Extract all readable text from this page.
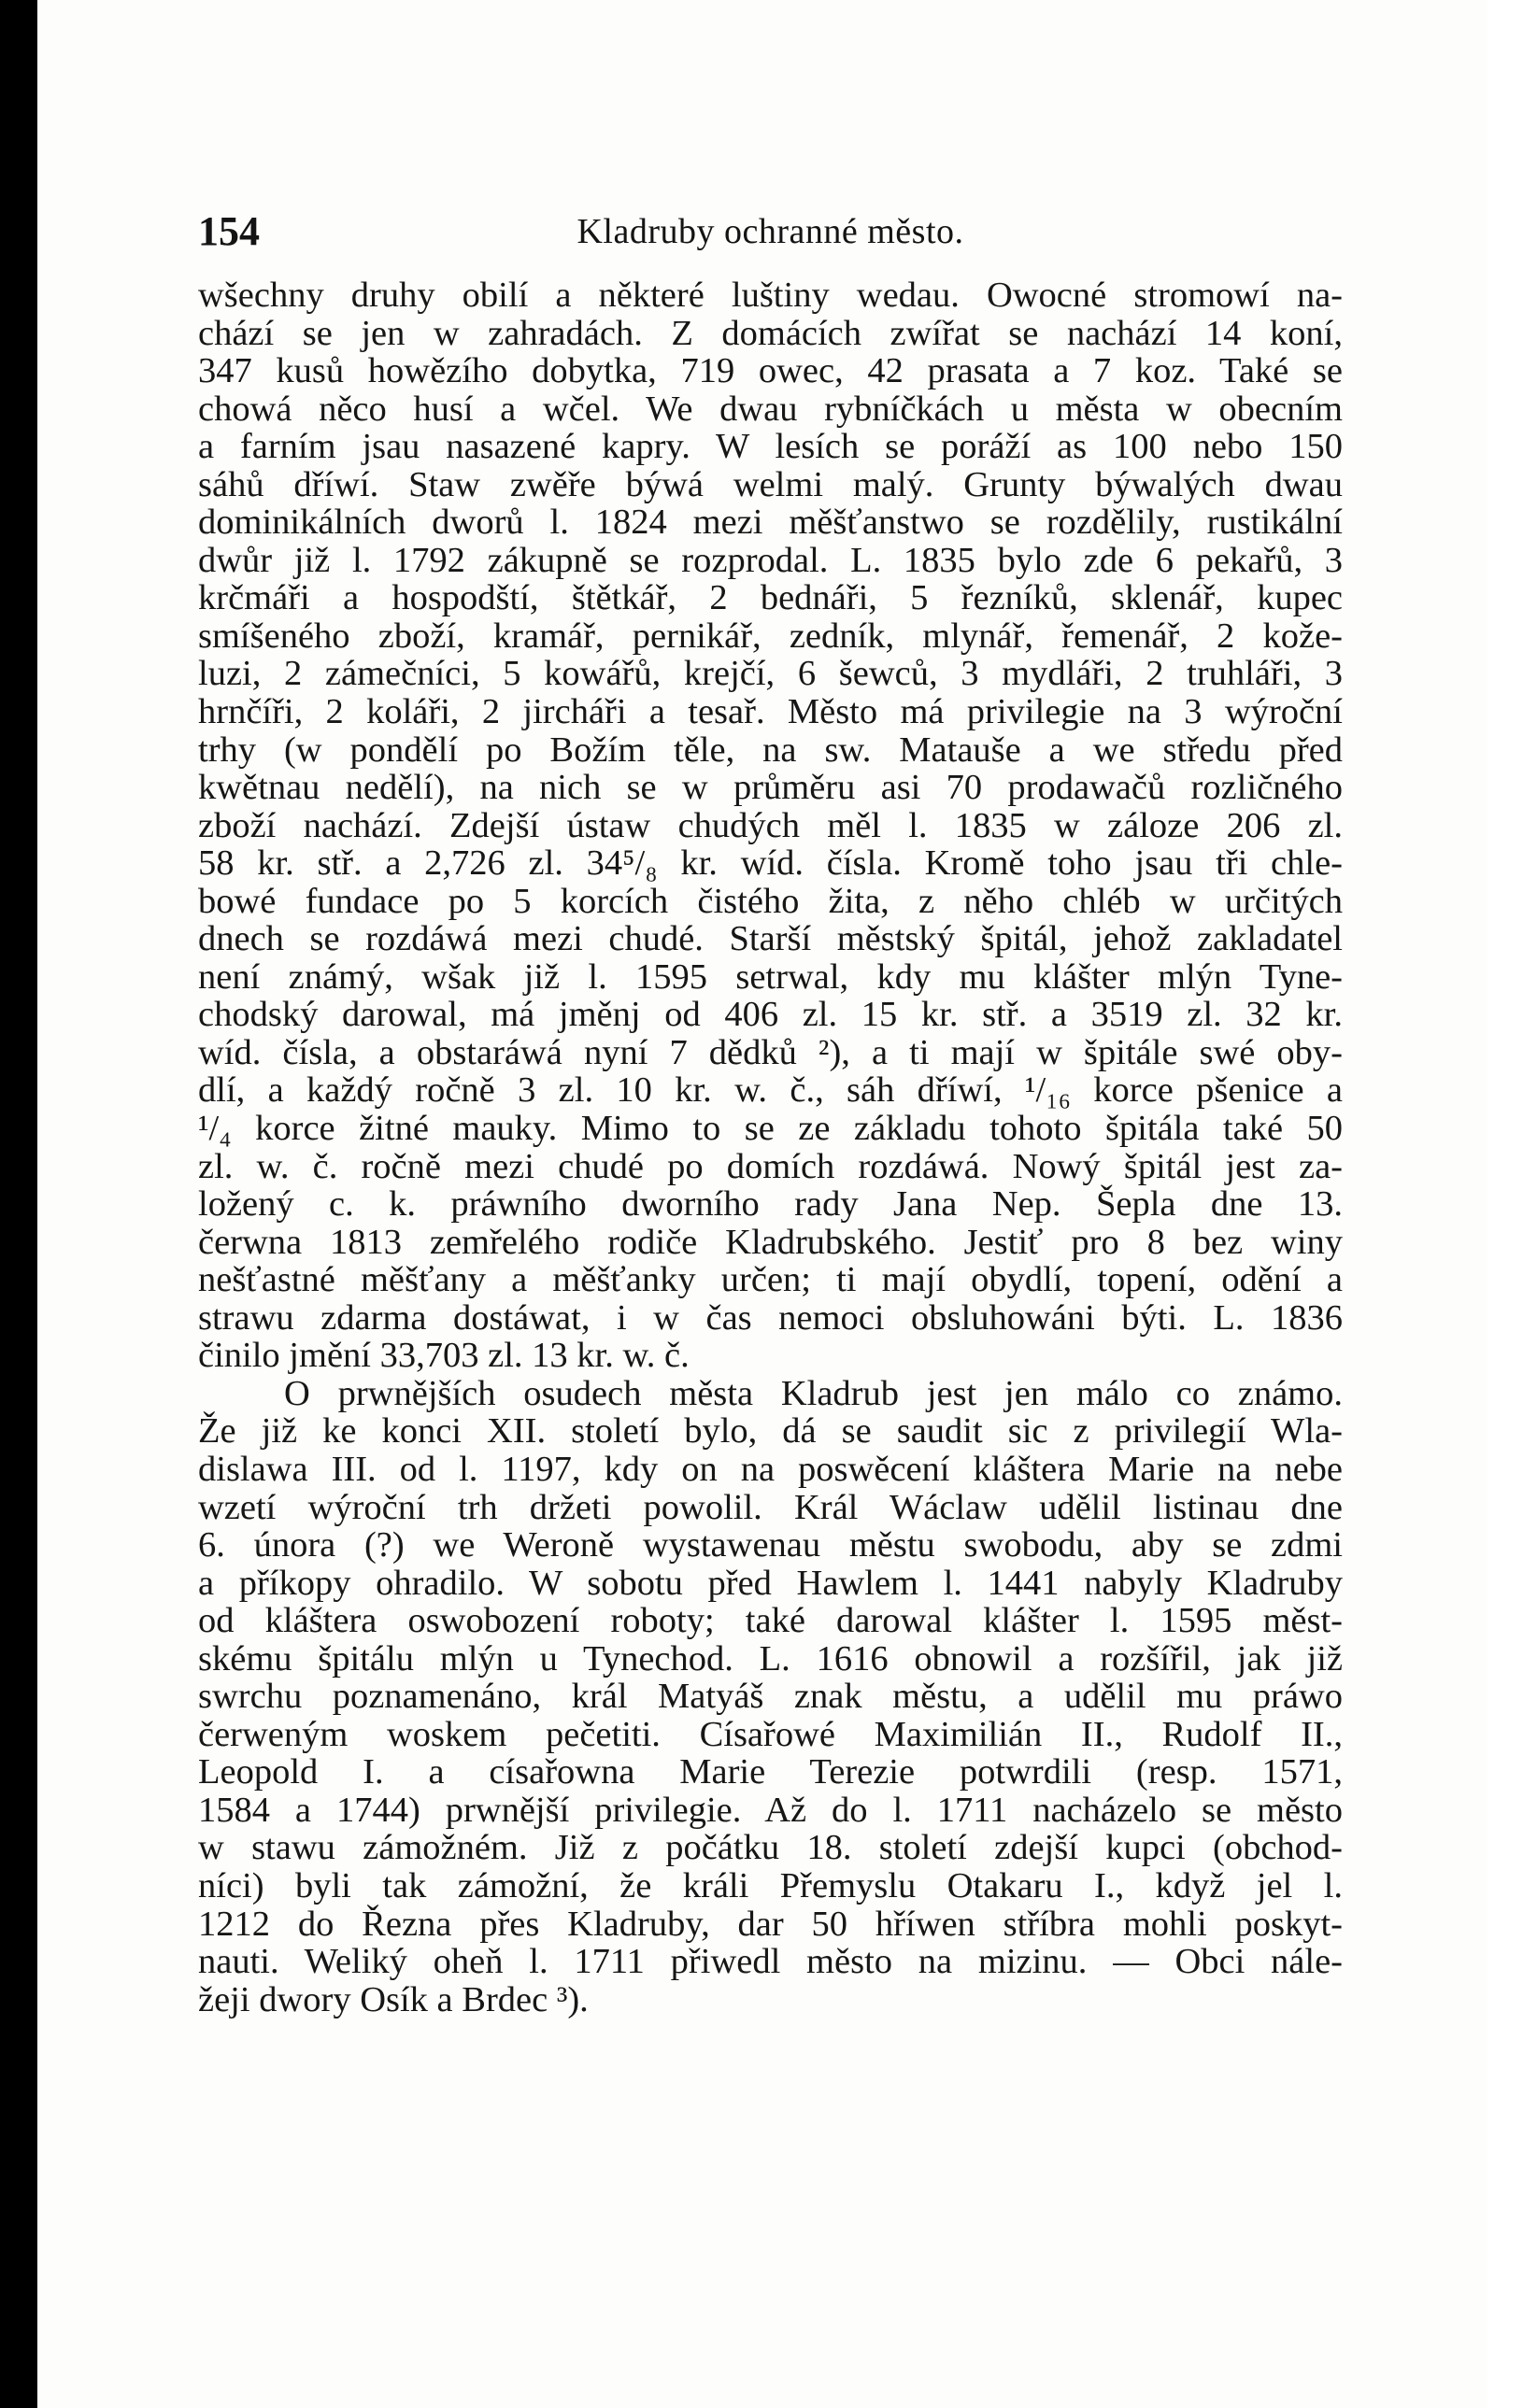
154	Kladruby ochranné město.
wšechny druhy obilí a některé luštiny wedau. Owocné stromowí na-
chází se jen w zahradách. Z domácích zwířat se nachází 14 koní,
347 kusů howězího dobytka, 719 owec, 42 prasata a 7 koz. Také se
chowá něco husí a wčel. We dwau rybníčkách u města w obecním
a farním jsau nasazené kapry. W lesích se poráží as 100 nebo 150
sáhů dříwí. Staw zwěře býwá welmi malý. Grunty býwalých dwau
dominikálních dworů l. 1824 mezi měšťanstwo se rozdělily, rustikální
dwůr již l. 1792 zákupně se rozprodal. L. 1835 bylo zde 6 pekařů, 3
krčmáři a hospodští, štětkář, 2 bednáři, 5 řezníků, sklenář, kupec
smíšeného zboží, kramář, pernikář, zedník, mlynář, řemenář, 2 kože-
luzi, 2 zámečníci, 5 kowářů, krejčí, 6 šewců, 3 mydláři, 2 truhláři, 3
hrnčíři, 2 koláři, 2 jircháři a tesař. Město má privilegie na 3 wýroční
trhy (w pondělí po Božím těle, na sw. Matauše a we středu před
kwětnau nedělí), na nich se w průměru asi 70 prodawačů rozličného
zboží nachází. Zdejší ústaw chudých měl l. 1835 w záloze 206 zl.
58 kr. stř. a 2,726 zl. 34⁵/₈ kr. wíd. čísla. Kromě toho jsau tři chle-
bowé fundace po 5 korcích čistého žita, z něho chléb w určitých
dnech se rozdáwá mezi chudé. Starší městský špitál, jehož zakladatel
není známý, wšak již l. 1595 setrwal, kdy mu klášter mlýn Tyne-
chodský darowal, má jměnj od 406 zl. 15 kr. stř. a 3519 zl. 32 kr.
wíd. čísla, a obstaráwá nyní 7 dědků ²), a ti mají w špitále swé oby-
dlí, a každý ročně 3 zl. 10 kr. w. č., sáh dříwí, ¹/₁₆ korce pšenice a
¹/₄ korce žitné mauky. Mimo to se ze základu tohoto špitála také 50
zl. w. č. ročně mezi chudé po domích rozdáwá. Nowý špitál jest za-
ložený c. k. práwního dworního rady Jana Nep. Šepla dne 13.
čerwna 1813 zemřelého rodiče Kladrubského. Jestiť pro 8 bez winy
nešťastné měšťany a měšťanky určen; ti mají obydlí, topení, odění a
strawu zdarma dostáwat, i w čas nemoci obsluhowáni býti. L. 1836
činilo jmění 33,703 zl. 13 kr. w. č.
O prwnějších osudech města Kladrub jest jen málo co známo.
Že již ke konci XII. století bylo, dá se saudit sic z privilegií Wla-
dislawa III. od l. 1197, kdy on na poswěcení kláštera Marie na nebe
wzetí wýroční trh držeti powolil. Král Wáclaw udělil listinau dne
6. února (?) we Weroně wystawenau městu swobodu, aby se zdmi
a příkopy ohradilo. W sobotu před Hawlem l. 1441 nabyly Kladruby
od kláštera oswobození roboty; také darowal klášter l. 1595 měst-
skému špitálu mlýn u Tynechod. L. 1616 obnowil a rozšířil, jak již
swrchu poznamenáno, král Matyáš znak městu, a udělil mu práwo
čerweným woskem pečetiti. Císařowé Maximilián II., Rudolf II.,
Leopold I. a císařowna Marie Terezie potwrdili (resp. 1571,
1584 a 1744) prwnější privilegie. Až do l. 1711 nacházelo se město
w stawu zámožném. Již z počátku 18. století zdejší kupci (obchod-
níci) byli tak zámožní, že králi Přemyslu Otakaru I., když jel l.
1212 do Řezna přes Kladruby, dar 50 hříwen stříbra mohli poskyt-
nauti. Weliký oheň l. 1711 přiwedl město na mizinu. — Obci nále-
žeji dwory Osík a Brdec ³).
